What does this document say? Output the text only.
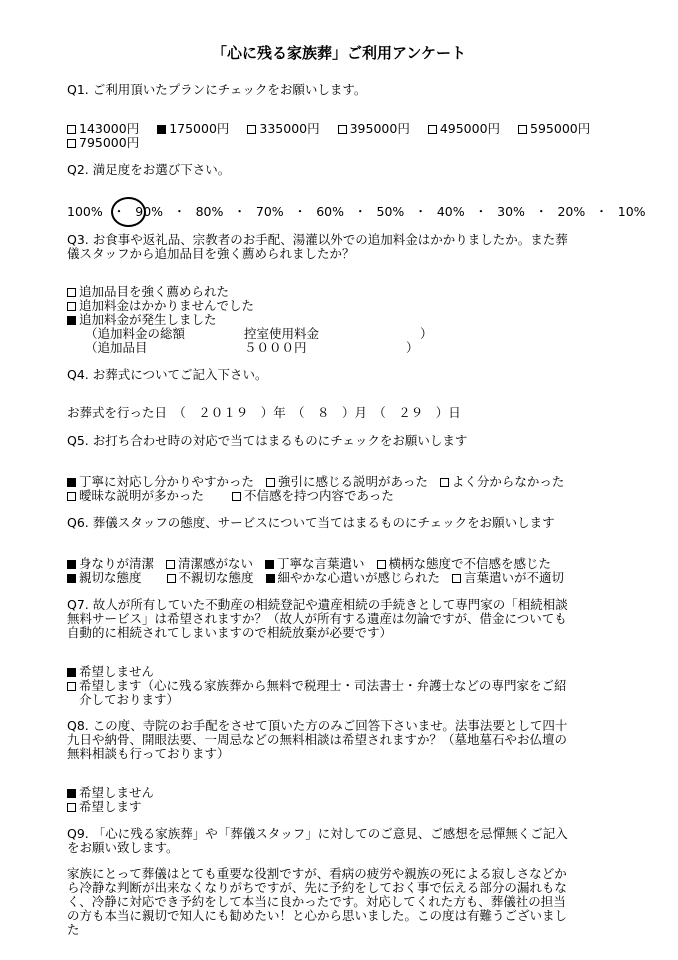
「心に残る家族葬」ご利用アンケート
Q1. ご利用頂いたプランにチェックをお願いします。
143000円 175000円 335000円 395000円 495000円 595000円
795000円
Q2. 満足度をお選び下さい。
100% ・ 90% ・ 80% ・ 70% ・ 60% ・ 50% ・ 40% ・ 30% ・ 20% ・ 10%
Q3. お食事や返礼品、宗教者のお手配、湯灌以外での追加料金はかかりましたか。また葬
儀スタッフから追加品目を強く薦められましたか？
追加品目を強く薦められた
追加料金はかかりませんでした
追加料金が発生しました
（追加料金の総額	控室使用料金	）
（追加品目	５０００円	）
Q4. お葬式についてご記入下さい。
お葬式を行った日　（　２０１９　）年　（　８　）月　（　２９　）日
Q5. お打ち合わせ時の対応で当てはまるものにチェックをお願いします
丁寧に対応し分かりやすかった 強引に感じる説明があった よく分からなかった
曖昧な説明が多かった	不信感を持つ内容であった
Q6. 葬儀スタッフの態度、サービスについて当てはまるものにチェックをお願いします
身なりが清潔 清潔感がない 丁寧な言葉遣い 横柄な態度で不信感を感じた
親切な態度	不親切な態度 細やかな心遣いが感じられた 言葉遣いが不適切
Q7. 故人が所有していた不動産の相続登記や遺産相続の手続きとして専門家の「相続相談
無料サービス」は希望されますか？（故人が所有する遺産は勿論ですが、借金についても
自動的に相続されてしまいますので相続放棄が必要です）
希望しません
希望します（心に残る家族葬から無料で税理士・司法書士・弁護士などの専門家をご紹
介しております）
Q8. この度、寺院のお手配をさせて頂いた方のみご回答下さいませ。法事法要として四十
九日や納骨、開眼法要、一周忌などの無料相談は希望されますか？（墓地墓石やお仏壇の
無料相談も行っております）
希望しません
希望します
Q9. 「心に残る家族葬」や「葬儀スタッフ」に対してのご意見、ご感想を忌憚無くご記入
をお願い致します。
家族にとって葬儀はとても重要な役割ですが、看病の疲労や親族の死による寂しさなどか
ら冷静な判断が出来なくなりがちですが、先に予約をしておく事で伝える部分の漏れもな
く、冷静に対応でき予約をして本当に良かったです。対応してくれた方も、葬儀社の担当
の方も本当に親切で知人にも勧めたい！と心から思いました。この度は有難うございまし
た
